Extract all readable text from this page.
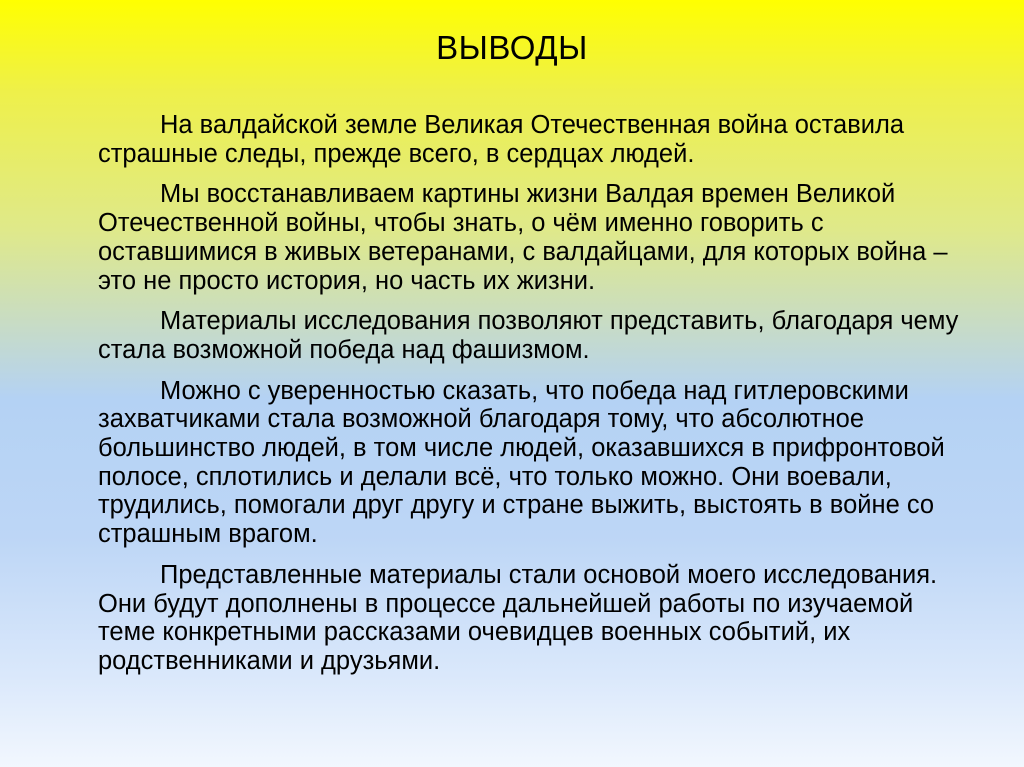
ВЫВОДЫ

На валдайской земле Великая Отечественная война оставила страшные следы, прежде всего, в сердцах людей.

Мы восстанавливаем картины жизни Валдая времен Великой Отечественной войны, чтобы знать, о чём именно говорить с оставшимися в живых ветеранами, с валдайцами, для которых война – это не просто история, но часть их жизни.

Материалы исследования позволяют представить, благодаря чему стала возможной победа над фашизмом.

Можно с уверенностью сказать, что победа над гитлеровскими захватчиками стала возможной благодаря тому, что абсолютное большинство людей, в том числе людей, оказавшихся в прифронтовой полосе, сплотились и делали всё, что только можно. Они воевали, трудились, помогали друг другу и стране выжить, выстоять в войне со страшным врагом.

Представленные материалы стали основой моего исследования. Они будут дополнены в процессе дальнейшей работы по изучаемой теме конкретными рассказами очевидцев военных событий, их родственниками и друзьями.
